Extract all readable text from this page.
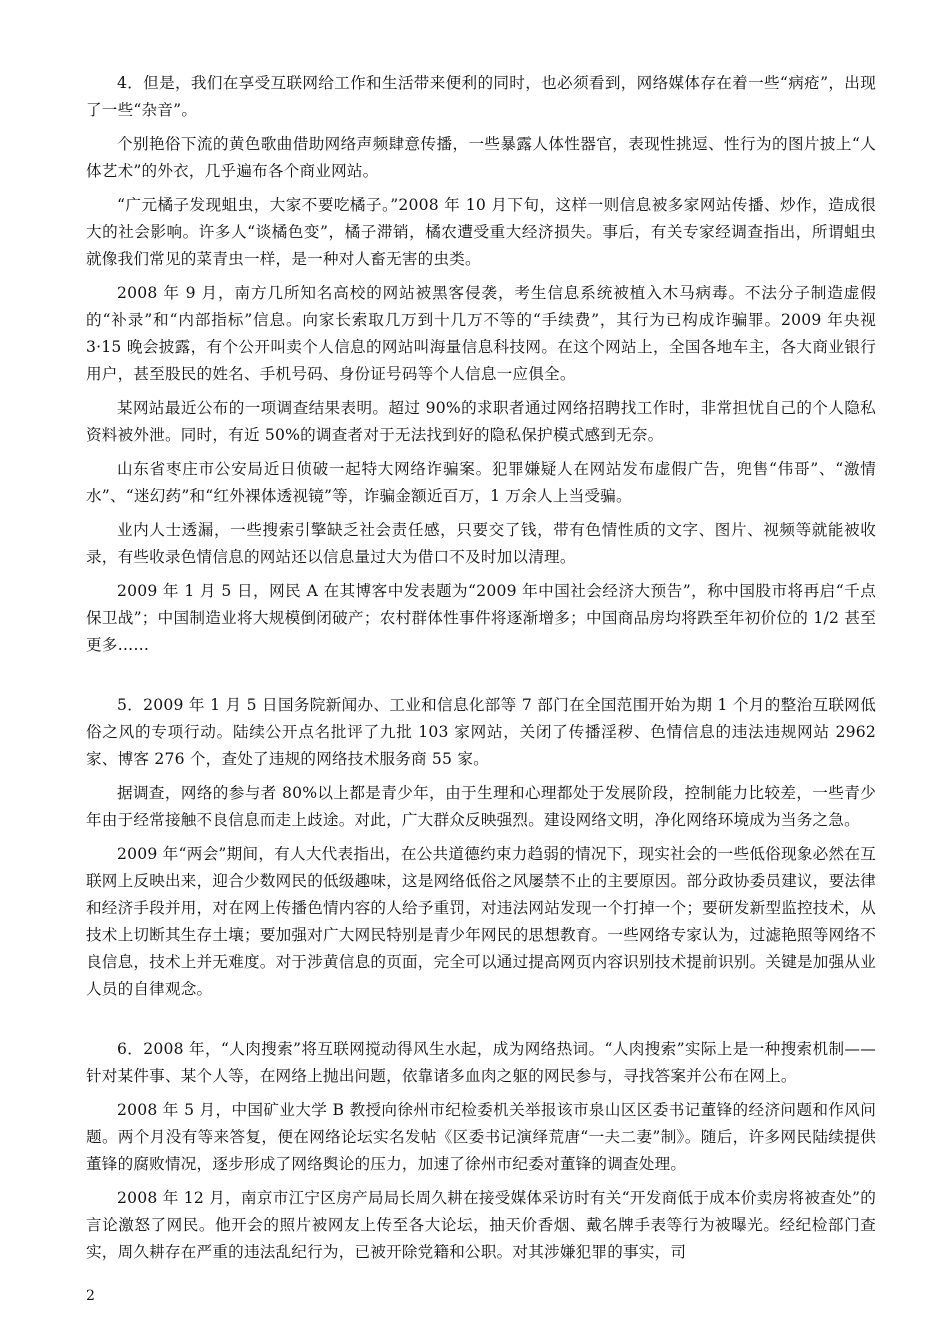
4．但是，我们在享受互联网给工作和生活带来便利的同时，也必须看到，网络媒体存在着一些“病疮”，出现了一些“杂音”。

个别艳俗下流的黄色歌曲借助网络声频肆意传播，一些暴露人体性器官，表现性挑逗、性行为的图片披上“人体艺术”的外衣，几乎遍布各个商业网站。

“广元橘子发现蛆虫，大家不要吃橘子。”2008 年 10 月下旬，这样一则信息被多家网站传播、炒作，造成很大的社会影响。许多人“谈橘色变”，橘子滞销，橘农遭受重大经济损失。事后，有关专家经调查指出，所谓蛆虫就像我们常见的菜青虫一样，是一种对人畜无害的虫类。

2008 年 9 月，南方几所知名高校的网站被黑客侵袭，考生信息系统被植入木马病毒。不法分子制造虚假的“补录”和“内部指标”信息。向家长索取几万到十几万不等的“手续费”，其行为已构成诈骗罪。2009 年央视 3·15 晚会披露，有个公开叫卖个人信息的网站叫海量信息科技网。在这个网站上，全国各地车主，各大商业银行用户，甚至股民的姓名、手机号码、身份证号码等个人信息一应俱全。

某网站最近公布的一项调查结果表明。超过 90%的求职者通过网络招聘找工作时，非常担忧自己的个人隐私资料被外泄。同时，有近 50%的调查者对于无法找到好的隐私保护模式感到无奈。

山东省枣庄市公安局近日侦破一起特大网络诈骗案。犯罪嫌疑人在网站发布虚假广告，兜售“伟哥”、“激情水”、“迷幻药”和“红外裸体透视镜”等，诈骗金额近百万，1 万余人上当受骗。

业内人士透漏，一些搜索引擎缺乏社会责任感，只要交了钱，带有色情性质的文字、图片、视频等就能被收录，有些收录色情信息的网站还以信息量过大为借口不及时加以清理。

2009 年 1 月 5 日，网民 A 在其博客中发表题为“2009 年中国社会经济大预告”，称中国股市将再启“千点保卫战”；中国制造业将大规模倒闭破产；农村群体性事件将逐渐增多；中国商品房均将跌至年初价位的 1/2 甚至更多……

5．2009 年 1 月 5 日国务院新闻办、工业和信息化部等 7 部门在全国范围开始为期 1 个月的整治互联网低俗之风的专项行动。陆续公开点名批评了九批 103 家网站，关闭了传播淫秽、色情信息的违法违规网站 2962 家、博客 276 个，查处了违规的网络技术服务商 55 家。

据调查，网络的参与者 80%以上都是青少年，由于生理和心理都处于发展阶段，控制能力比较差，一些青少年由于经常接触不良信息而走上歧途。对此，广大群众反映强烈。建设网络文明，净化网络环境成为当务之急。

2009 年“两会”期间，有人大代表指出，在公共道德约束力趋弱的情况下，现实社会的一些低俗现象必然在互联网上反映出来，迎合少数网民的低级趣味，这是网络低俗之风屡禁不止的主要原因。部分政协委员建议，要法律和经济手段并用，对在网上传播色情内容的人给予重罚，对违法网站发现一个打掉一个；要研发新型监控技术，从技术上切断其生存土壤；要加强对广大网民特别是青少年网民的思想教育。一些网络专家认为，过滤艳照等网络不良信息，技术上并无难度。对于涉黄信息的页面，完全可以通过提高网页内容识别技术提前识别。关键是加强从业人员的自律观念。

6．2008 年，“人肉搜索”将互联网搅动得风生水起，成为网络热词。“人肉搜索”实际上是一种搜索机制——针对某件事、某个人等，在网络上抛出问题，依靠诸多血肉之躯的网民参与，寻找答案并公布在网上。

2008 年 5 月，中国矿业大学 B 教授向徐州市纪检委机关举报该市泉山区区委书记董锋的经济问题和作风问题。两个月没有等来答复，便在网络论坛实名发帖《区委书记演绎荒唐“一夫二妻”制》。随后，许多网民陆续提供董锋的腐败情况，逐步形成了网络舆论的压力，加速了徐州市纪委对董锋的调查处理。

2008 年 12 月，南京市江宁区房产局局长周久耕在接受媒体采访时有关“开发商低于成本价卖房将被查处”的言论激怒了网民。他开会的照片被网友上传至各大论坛，抽天价香烟、戴名牌手表等行为被曝光。经纪检部门查实，周久耕存在严重的违法乱纪行为，已被开除党籍和公职。对其涉嫌犯罪的事实，司

2
